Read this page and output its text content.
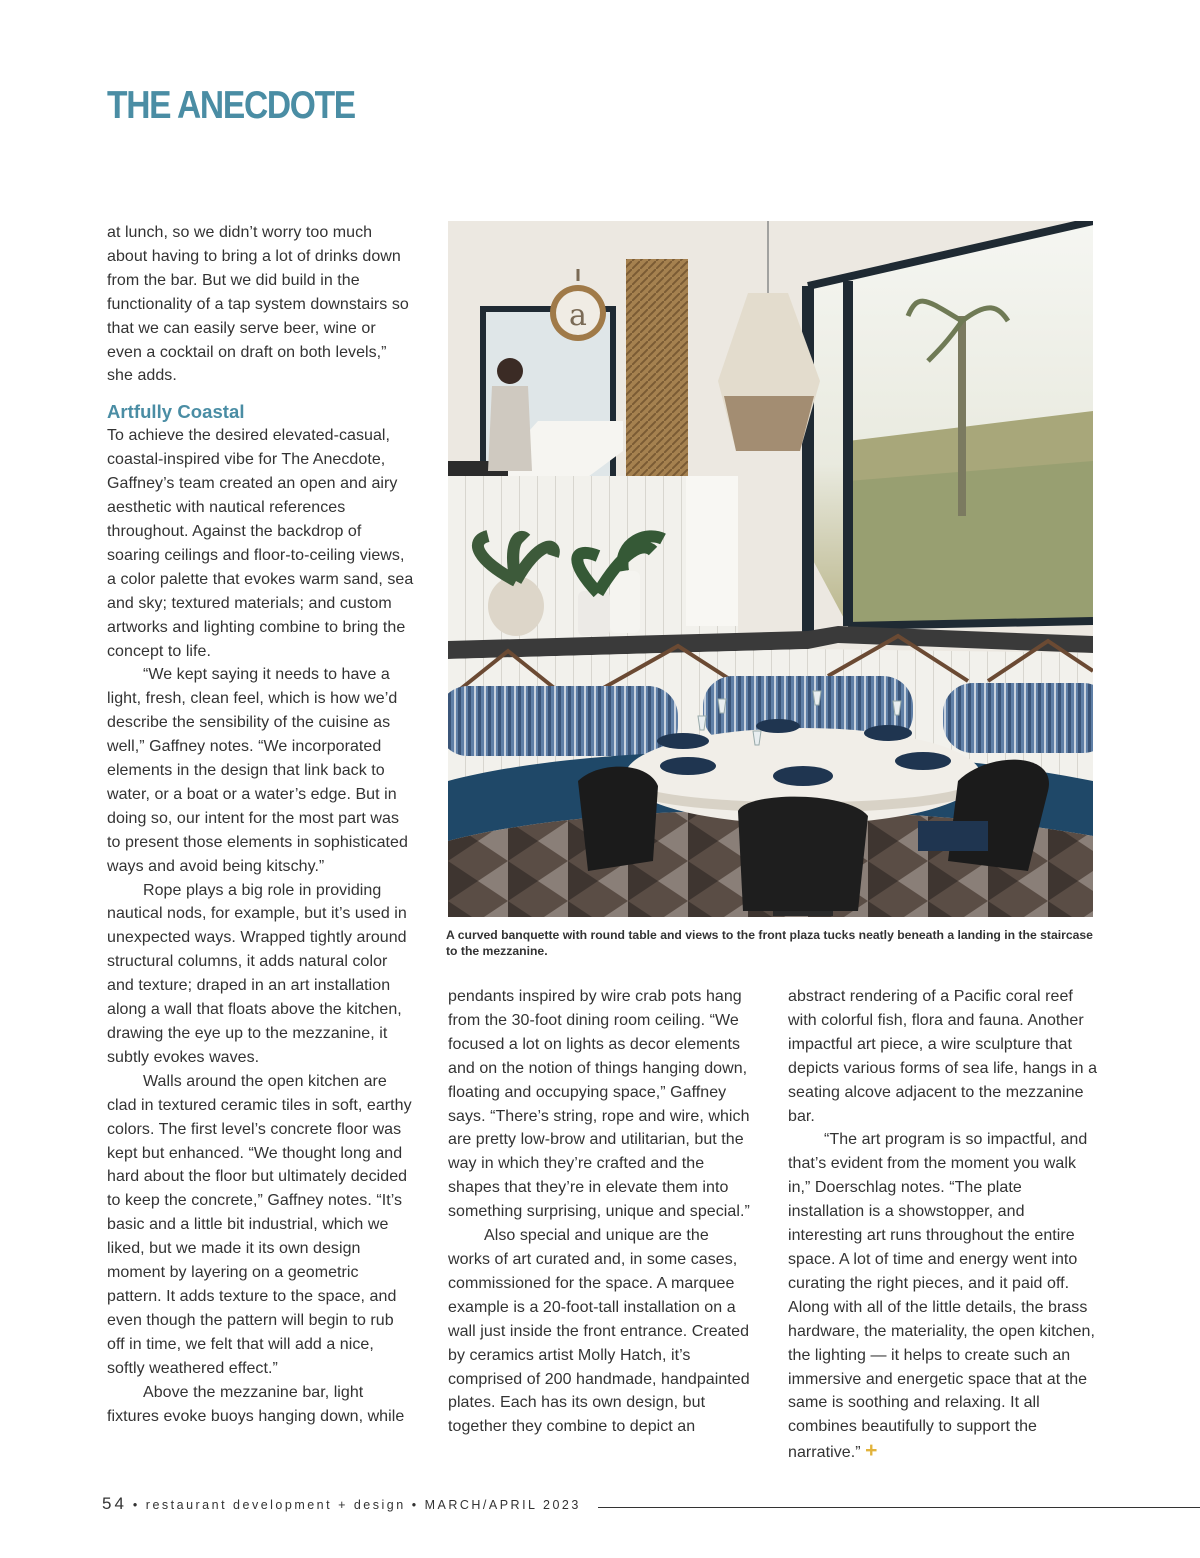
THE ANECDOTE

at lunch, so we didn’t worry too much about having to bring a lot of drinks down from the bar. But we did build in the functionality of a tap system downstairs so that we can easily serve beer, wine or even a cocktail on draft on both levels,” she adds.

Artfully Coastal

To achieve the desired elevated-casual, coastal-inspired vibe for The Anecdote, Gaffney’s team created an open and airy aesthetic with nautical references throughout. Against the backdrop of soaring ceilings and floor-to-ceiling views, a color palette that evokes warm sand, sea and sky; textured materials; and custom artworks and lighting combine to bring the concept to life.

“We kept saying it needs to have a light, fresh, clean feel, which is how we’d describe the sensibility of the cuisine as well,” Gaffney notes. “We incorporated elements in the design that link back to water, or a boat or a water’s edge. But in doing so, our intent for the most part was to present those elements in sophisticated ways and avoid being kitschy.”

Rope plays a big role in providing nautical nods, for example, but it’s used in unexpected ways. Wrapped tightly around structural columns, it adds natural color and texture; draped in an art installation along a wall that floats above the kitchen, drawing the eye up to the mezzanine, it subtly evokes waves.

Walls around the open kitchen are clad in textured ceramic tiles in soft, earthy colors. The first level’s concrete floor was kept but enhanced. “We thought long and hard about the floor but ultimately decided to keep the concrete,” Gaffney notes. “It’s basic and a little bit industrial, which we liked, but we made it its own design moment by layering on a geometric pattern. It adds texture to the space, and even though the pattern will begin to rub off in time, we felt that will add a nice, softly weathered effect.”

Above the mezzanine bar, light fixtures evoke buoys hanging down, while

a
A curved banquette with round table and views to the front plaza tucks neatly beneath a landing in the staircase to the mezzanine.

pendants inspired by wire crab pots hang from the 30-foot dining room ceiling. “We focused a lot on lights as decor elements and on the notion of things hanging down, floating and occupying space,” Gaffney says. “There’s string, rope and wire, which are pretty low-brow and utilitarian, but the way in which they’re crafted and the shapes that they’re in elevate them into something surprising, unique and special.”

Also special and unique are the works of art curated and, in some cases, commissioned for the space. A marquee example is a 20-foot-tall installation on a wall just inside the front entrance. Created by ceramics artist Molly Hatch, it’s comprised of 200 handmade, handpainted plates. Each has its own design, but together they combine to depict an

abstract rendering of a Pacific coral reef with colorful fish, flora and fauna. Another impactful art piece, a wire sculpture that depicts various forms of sea life, hangs in a seating alcove adjacent to the mezzanine bar.

“The art program is so impactful, and that’s evident from the moment you walk in,” Doerschlag notes. “The plate installation is a showstopper, and interesting art runs throughout the entire space. A lot of time and energy went into curating the right pieces, and it paid off. Along with all of the little details, the brass hardware, the materiality, the open kitchen, the lighting — it helps to create such an immersive and energetic space that at the same is soothing and relaxing. It all combines beautifully to support the narrative.” +

54 • restaurant development + design • MARCH/APRIL 2023
